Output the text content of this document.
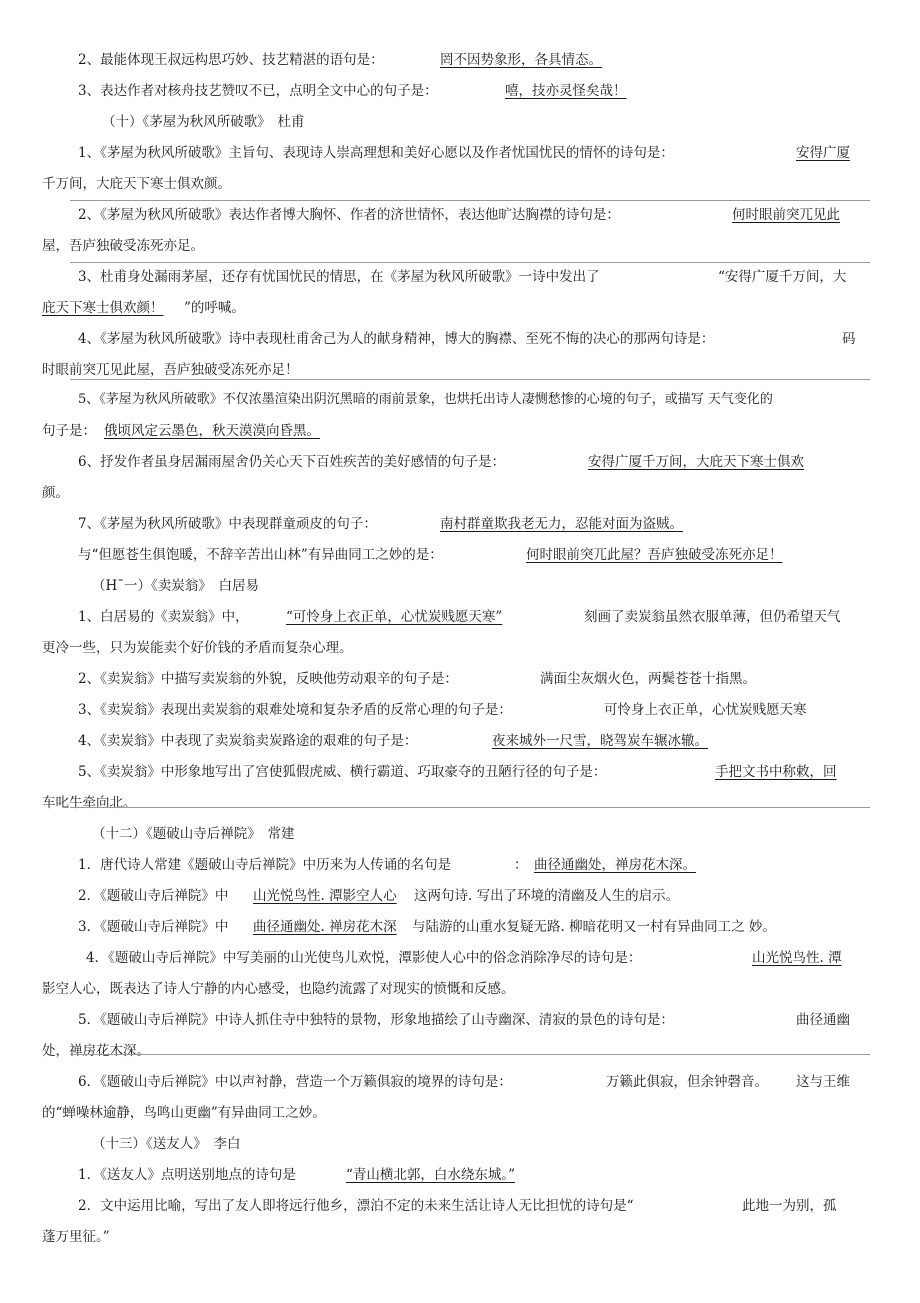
2、最能体现王叔远构思巧妙、技艺精湛的语句是：	罔不因势象形，各具情态。
3、表达作者对核舟技艺赞叹不已，点明全文中心的句子是：	嘻，技亦灵怪矣哉！
（十）《茅屋为秋风所破歌》　杜甫
1、《茅屋为秋风所破歌》主旨句、表现诗人崇高理想和美好心愿以及作者忧国忧民的情怀的诗句是：	安得广厦
千万间，大庇天下寒士俱欢颜。
2、《茅屋为秋风所破歌》表达作者博大胸怀、作者的济世情怀，表达他旷达胸襟的诗句是：	何时眼前突兀见此
屋，吾庐独破受冻死亦足。
3、杜甫身处漏雨茅屋，还存有忧国忧民的情思，在《茅屋为秋风所破歌》一诗中发出了	“安得广厦千万间，大
庇天下寒士俱欢颜！ ”的呼喊。
4、《茅屋为秋风所破歌》诗中表现杜甫舍己为人的献身精神，博大的胸襟、至死不悔的决心的那两句诗是：	码
时眼前突兀见此屋，吾庐独破受冻死亦足！
5、《茅屋为秋风所破歌》不仅浓墨渲染出阴沉黑暗的雨前景象，也烘托出诗人凄恻愁惨的心境的句子，或描写 天气变化的
句子是： 俄顷风定云墨色，秋天漠漠向昏黑。
6、抒发作者虽身居漏雨屋舍仍关心天下百姓疾苦的美好感情的句子是：	安得广厦千万间，大庇天下寒士俱欢
颜。
7、《茅屋为秋风所破歌》中表现群童顽皮的句子：	南村群童欺我老无力，忍能对面为盗贼。
与“但愿苍生俱饱暖，不辞辛苦出山林”有异曲同工之妙的是：	何时眼前突兀此屋？吾庐独破受冻死亦足！
（H¯一）《卖炭翁》　白居易
1、白居易的《卖炭翁》中，	“可怜身上衣正单，心忧炭贱愿天寒”	刻画了卖炭翁虽然衣服单薄，但仍希望天气
更冷一些，只为炭能卖个好价钱的矛盾而复杂心理。
2、《卖炭翁》中描写卖炭翁的外貌，反映他劳动艰辛的句子是：	满面尘灰烟火色，两鬓苍苍十指黑。
3、《卖炭翁》表现出卖炭翁的艰难处境和复杂矛盾的反常心理的句子是：	可怜身上衣正单，心忧炭贱愿天寒
4、《卖炭翁》中表现了卖炭翁卖炭路途的艰难的句子是：	夜来城外一尺雪，晓驾炭车辗冰辙。
5、《卖炭翁》中形象地写出了宫使狐假虎威、横行霸道、巧取豪夺的丑陋行径的句子是：	手把文书中称敕，回
车叱牛牵向北。
（十二）《题破山寺后禅院》　常建
1．唐代诗人常建《题破山寺后禅院》中历来为人传诵的名句是	： 曲径通幽处，禅房花木深。
2．《题破山寺后禅院》中 山光悦鸟性. 潭影空人心 这两句诗. 写出了环境的清幽及人生的启示。
3．《题破山寺后禅院》中 曲径通幽处. 禅房花木深 与陆游的山重水复疑无路. 柳暗花明又一村有异曲同工之 妙。
4．《题破山寺后禅院》中写美丽的山光使鸟儿欢悦，潭影使人心中的俗念消除净尽的诗句是：	山光悦鸟性. 潭
影空人心，既表达了诗人宁静的内心感受，也隐约流露了对现实的愤慨和反感。
5．《题破山寺后禅院》中诗人抓住寺中独特的景物，形象地描绘了山寺幽深、清寂的景色的诗句是：	曲径通幽
处，禅房花木深。
6．《题破山寺后禅院》中以声衬静，营造一个万籁俱寂的境界的诗句是：	万籁此俱寂，但余钟磬音。 这与王维
的“蝉噪林逾静，鸟鸣山更幽”有异曲同工之妙。
（十三）《送友人》　李白
1．《送友人》点明送别地点的诗句是	“青山横北郭，白水绕东城。”
2．文中运用比喻，写出了友人即将远行他乡，漂泊不定的未来生活让诗人无比担忧的诗句是“	此地一为别，孤
蓬万里征。”
